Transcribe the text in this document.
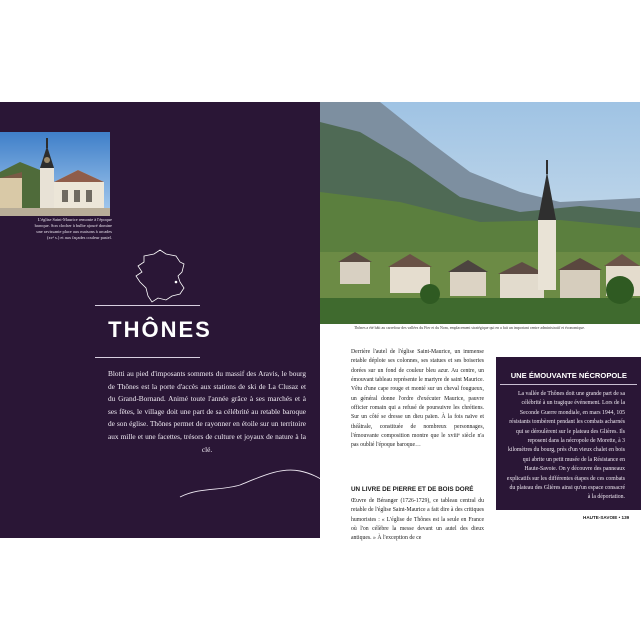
L'église Saint-Maurice remonte à l'époque baroque. Son clocher à bulbe ajouré domine une ravissante place aux maisons à arcades (xvᵉ s.) et aux façades couleur pastel.
THÔNES
Blotti au pied d'imposants sommets du massif des Aravis, le bourg de Thônes est la porte d'accès aux stations de ski de La Clusaz et du Grand-Bornand. Animé toute l'année grâce à ses marchés et à ses fêtes, le village doit une part de sa célébrité au retable baroque de son église. Thônes permet de rayonner en étoile sur un territoire aux mille et une facettes, trésors de culture et joyaux de nature à la clé.
Thônes a été bâti au carrefour des vallées du Fier et du Nom, emplacement stratégique qui en a fait un important centre administratif et économique.

Derrière l'autel de l'église Saint-Maurice, un immense retable déploie ses colonnes, ses statues et ses boiseries dorées sur un fond de couleur bleu azur. Au centre, un émouvant tableau représente le martyre de saint Maurice. Vêtu d'une cape rouge et monté sur un cheval fougueux, un général donne l'ordre d'exécuter Maurice, pauvre officier romain qui a refusé de poursuivre les chrétiens. Sur un côté se dresse un dieu païen. À la fois naïve et théâtrale, constituée de nombreux personnages, l'émouvante composition montre que le xviiiᵉ siècle n'a pas oublié l'époque baroque…

UN LIVRE DE PIERRE ET DE BOIS DORÉ
Œuvre de Béranger (1726-1729), ce tableau central du retable de l'église Saint-Maurice a fait dire à des critiques humoristes : « L'église de Thônes est la seule en France où l'on célèbre la messe devant un autel des dieux antiques. » À l'exception de ce
UNE ÉMOUVANTE NÉCROPOLE
La vallée de Thônes doit une grande part de sa célébrité à un tragique événement. Lors de la Seconde Guerre mondiale, en mars 1944, 105 résistants tombèrent pendant les combats acharnés qui se déroulèrent sur le plateau des Glières. Ils reposent dans la nécropole de Morette, à 3 kilomètres du bourg, près d'un vieux chalet en bois qui abrite un petit musée de la Résistance en Haute-Savoie. On y découvre des panneaux explicatifs sur les différentes étapes de ces combats du plateau des Glières ainsi qu'un espace consacré à la déportation.
HAUTE-SAVOIE • 139
